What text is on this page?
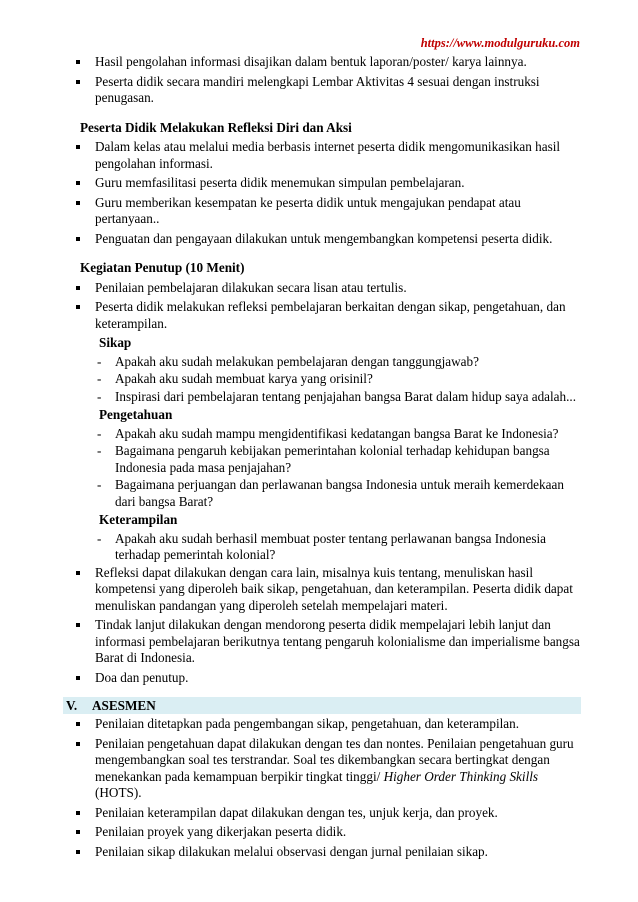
https://www.modulguruku.com
Hasil pengolahan informasi disajikan dalam bentuk laporan/poster/ karya lainnya.
Peserta didik secara mandiri melengkapi Lembar Aktivitas 4 sesuai dengan instruksi penugasan.
Peserta Didik Melakukan Refleksi Diri dan Aksi
Dalam kelas atau melalui media berbasis internet peserta didik mengomunikasikan hasil pengolahan informasi.
Guru memfasilitasi peserta didik menemukan simpulan pembelajaran.
Guru memberikan kesempatan ke peserta didik untuk mengajukan pendapat atau pertanyaan..
Penguatan dan pengayaan dilakukan untuk mengembangkan kompetensi peserta didik.
Kegiatan Penutup (10 Menit)
Penilaian pembelajaran dilakukan secara lisan atau tertulis.
Peserta didik melakukan refleksi pembelajaran berkaitan dengan sikap, pengetahuan, dan keterampilan.
Sikap
- Apakah aku sudah melakukan pembelajaran dengan tanggungjawab?
- Apakah aku sudah membuat karya yang orisinil?
- Inspirasi dari pembelajaran tentang penjajahan bangsa Barat dalam hidup saya adalah...
Pengetahuan
- Apakah aku sudah mampu mengidentifikasi kedatangan bangsa Barat ke Indonesia?
- Bagaimana pengaruh kebijakan pemerintahan kolonial terhadap kehidupan bangsa Indonesia pada masa penjajahan?
- Bagaimana perjuangan dan perlawanan bangsa Indonesia untuk meraih kemerdekaan dari bangsa Barat?
Keterampilan
- Apakah aku sudah berhasil membuat poster tentang perlawanan bangsa Indonesia terhadap pemerintah kolonial?
Refleksi dapat dilakukan dengan cara lain, misalnya kuis tentang, menuliskan hasil kompetensi yang diperoleh baik sikap, pengetahuan, dan keterampilan. Peserta didik dapat menuliskan pandangan yang diperoleh setelah mempelajari materi.
Tindak lanjut dilakukan dengan mendorong peserta didik mempelajari lebih lanjut dan informasi pembelajaran berikutnya tentang pengaruh kolonialisme dan imperialisme bangsa Barat di Indonesia.
Doa dan penutup.
V. ASESMEN
Penilaian ditetapkan pada pengembangan sikap, pengetahuan, dan keterampilan.
Penilaian pengetahuan dapat dilakukan dengan tes dan nontes. Penilaian pengetahuan guru mengembangkan soal tes terstrandar. Soal tes dikembangkan secara bertingkat dengan menekankan pada kemampuan berpikir tingkat tinggi/ Higher Order Thinking Skills (HOTS).
Penilaian keterampilan dapat dilakukan dengan tes, unjuk kerja, dan proyek.
Penilaian proyek yang dikerjakan peserta didik.
Penilaian sikap dilakukan melalui observasi dengan jurnal penilaian sikap.
